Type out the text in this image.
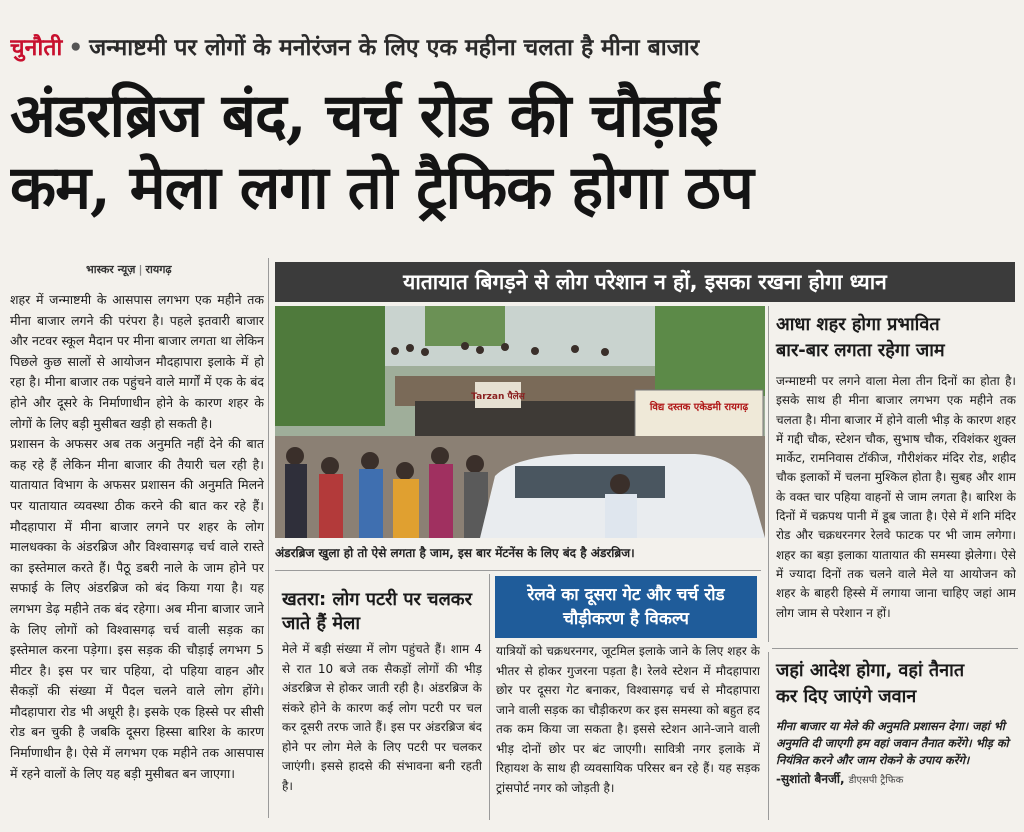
चुनौती • जन्माष्टमी पर लोगों के मनोरंजन के लिए एक महीना चलता है मीना बाजार
अंडरब्रिज बंद, चर्च रोड की चौड़ाई
कम, मेला लगा तो ट्रैफिक होगा ठप
भास्कर न्यूज़ | रायगढ़

शहर में जन्माष्टमी के आसपास लगभग एक महीने तक मीना बाजार लगने की परंपरा है। पहले इतवारी बाजार और नटवर स्कूल मैदान पर मीना बाजार लगता था लेकिन पिछले कुछ सालों से आयोजन मौदहापारा इलाके में हो रहा है। मीना बाजार तक पहुंचने वाले मार्गों में एक के बंद होने और दूसरे के निर्माणाधीन होने के कारण शहर के लोगों के लिए बड़ी मुसीबत खड़ी हो सकती है।

प्रशासन के अफसर अब तक अनुमति नहीं देने की बात कह रहे हैं लेकिन मीना बाजार की तैयारी चल रही है। यातायात विभाग के अफसर प्रशासन की अनुमति मिलने पर यातायात व्यवस्था ठीक करने की बात कर रहे हैं। मौदहापारा में मीना बाजार लगने पर शहर के लोग मालधक्का के अंडरब्रिज और विश्वासगढ़ चर्च वाले रास्ते का इस्तेमाल करते हैं। पैठू डबरी नाले के जाम होने पर सफाई के लिए अंडरब्रिज को बंद किया गया है। यह लगभग डेढ़ महीने तक बंद रहेगा। अब मीना बाजार जाने के लिए लोगों को विश्वासगढ़ चर्च वाली सड़क का इस्तेमाल करना पड़ेगा। इस सड़क की चौड़ाई लगभग 5 मीटर है। इस पर चार पहिया, दो पहिया वाहन और सैकड़ों की संख्या में पैदल चलने वाले लोग होंगे। मौदहापारा रोड भी अधूरी है। इसके एक हिस्से पर सीसी रोड बन चुकी है जबकि दूसरा हिस्सा बारिश के कारण निर्माणाधीन है। ऐसे में लगभग एक महीने तक आसपास में रहने वालों के लिए यह बड़ी मुसीबत बन जाएगा।

यातायात बिगड़ने से लोग परेशान न हों, इसका रखना होगा ध्यान
Tarzan पैलेस
विद्य दस्तक एकेडमी रायगढ़
अंडरब्रिज खुला हो तो ऐसे लगता है जाम, इस बार मेंटनेंस के लिए बंद है अंडरब्रिज।
आधा शहर होगा प्रभावित
बार-बार लगता रहेगा जाम
जन्माष्टमी पर लगने वाला मेला तीन दिनों का होता है। इसके साथ ही मीना बाजार लगभग एक महीने तक चलता है। मीना बाजार में होने वाली भीड़ के कारण शहर में गद्दी चौक, स्टेशन चौक, सुभाष चौक, रविशंकर शुक्ल मार्केट, रामनिवास टॉकीज, गौरीशंकर मंदिर रोड, शहीद चौक इलाकों में चलना मुश्किल होता है। सुबह और शाम के वक्त चार पहिया वाहनों से जाम लगता है। बारिश के दिनों में चक्रपथ पानी में डूब जाता है। ऐसे में शनि मंदिर रोड और चक्रधरनगर रेलवे फाटक पर भी जाम लगेगा। शहर का बड़ा इलाका यातायात की समस्या झेलेगा। ऐसे में ज्यादा दिनों तक चलने वाले मेले या आयोजन को शहर के बाहरी हिस्से में लगाया जाना चाहिए जहां आम लोग जाम से परेशान न हों।
जहां आदेश होगा, वहां तैनात
कर दिए जाएंगे जवान
मीना बाजार या मेले की अनुमति प्रशासन देगा। जहां भी अनुमति दी जाएगी हम वहां जवान तैनात करेंगे। भीड़ को नियंत्रित करने और जाम रोकने के उपाय करेंगे।
-सुशांतो बैनर्जी, डीएसपी ट्रैफिक
खतरा: लोग पटरी पर चलकर जाते हैं मेला
मेले में बड़ी संख्या में लोग पहुंचते हैं। शाम 4 से रात 10 बजे तक सैकड़ों लोगों की भीड़ अंडरब्रिज से होकर जाती रही है। अंडरब्रिज के संकरे होने के कारण कई लोग पटरी पर चल कर दूसरी तरफ जाते हैं। इस पर अंडरब्रिज बंद होने पर लोग मेले के लिए पटरी पर चलकर जाएंगी। इससे हादसे की संभावना बनी रहती है।
रेलवे का दूसरा गेट और चर्च रोड चौड़ीकरण है विकल्प
यात्रियों को चक्रधरनगर, जूटमिल इलाके जाने के लिए शहर के भीतर से होकर गुजरना पड़ता है। रेलवे स्टेशन में मौदहापारा छोर पर दूसरा गेट बनाकर, विश्वासगढ़ चर्च से मौदहापारा जाने वाली सड़क का चौड़ीकरण कर इस समस्या को बहुत हद तक कम किया जा सकता है। इससे स्टेशन आने-जाने वाली भीड़ दोनों छोर पर बंट जाएगी। सावित्री नगर इलाके में रिहायश के साथ ही व्यवसायिक परिसर बन रहे हैं। यह सड़क ट्रांसपोर्ट नगर को जोड़ती है।
